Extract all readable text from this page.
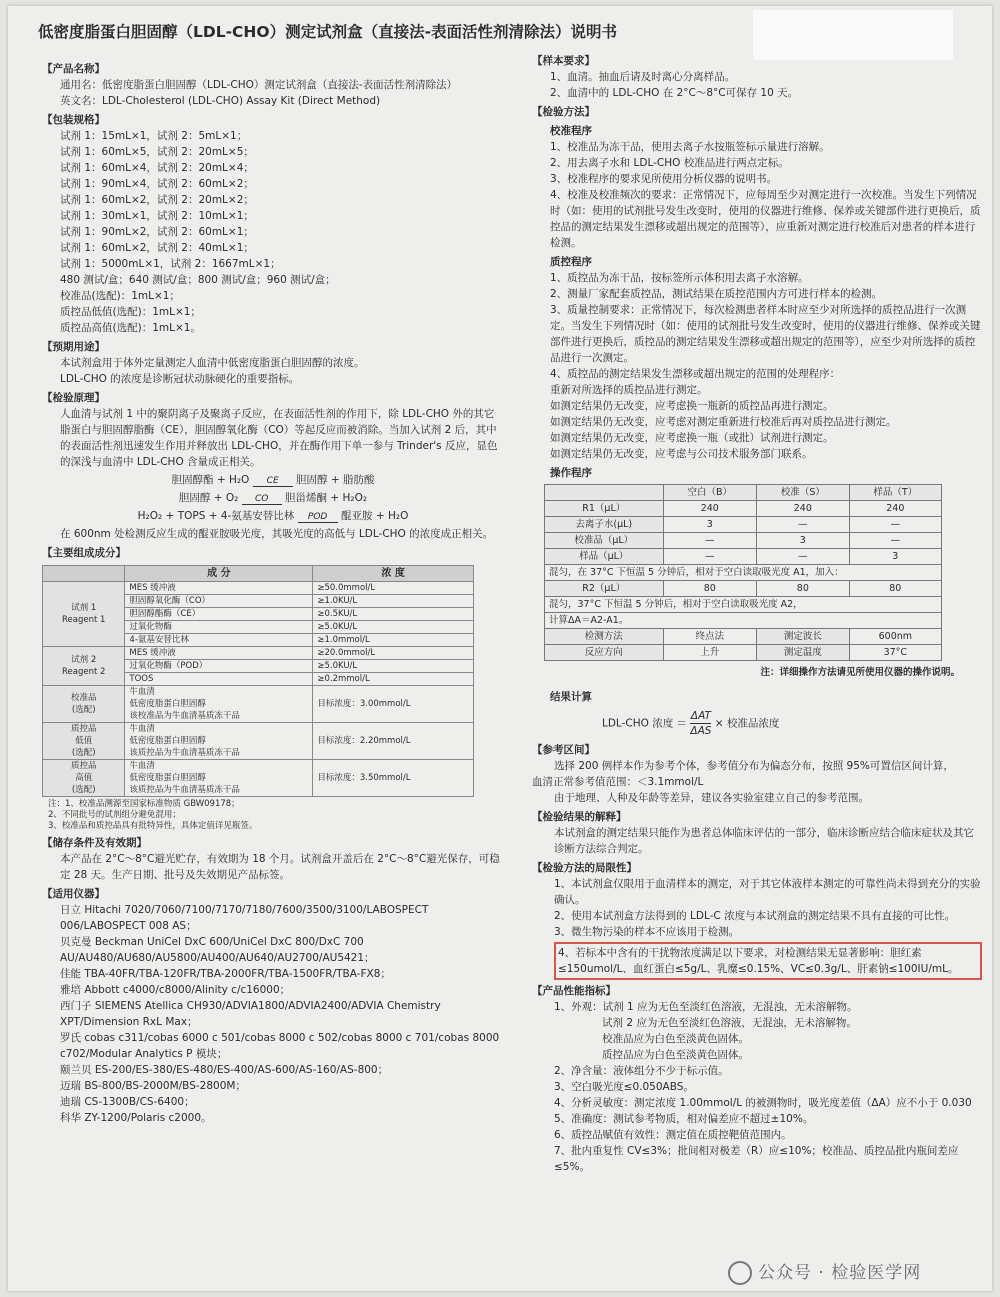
低密度脂蛋白胆固醇（LDL-CHO）测定试剂盒（直接法-表面活性剂清除法）说明书
【产品名称】
通用名：低密度脂蛋白胆固醇（LDL-CHO）测定试剂盒（直接法-表面活性剂清除法）
英文名：LDL-Cholesterol (LDL-CHO) Assay Kit (Direct Method)
【包装规格】
试剂 1：15mL×1，试剂 2：5mL×1；
试剂 1：60mL×5，试剂 2：20mL×5；
试剂 1：60mL×4，试剂 2：20mL×4；
试剂 1：90mL×4，试剂 2：60mL×2；
试剂 1：60mL×2，试剂 2：20mL×2；
试剂 1：30mL×1，试剂 2：10mL×1；
试剂 1：90mL×2，试剂 2：60mL×1；
试剂 1：60mL×2，试剂 2：40mL×1；
试剂 1：5000mL×1，试剂 2：1667mL×1；
480 测试/盒；640 测试/盒；800 测试/盒；960 测试/盒；
校准品(选配)：1mL×1；
质控品低值(选配)：1mL×1；
质控品高值(选配)：1mL×1。
【预期用途】
本试剂盒用于体外定量测定人血清中低密度脂蛋白胆固醇的浓度。
LDL-CHO 的浓度是诊断冠状动脉硬化的重要指标。
【检验原理】
人血清与试剂 1 中的聚阴离子及聚离子反应，在表面活性剂的作用下，除 LDL-CHO 外的其它脂蛋白与胆固醇脂酶（CE），胆固醇氧化酶（CO）等起反应而被消除。当加入试剂 2 后，其中的表面活性剂迅速发生作用并释放出 LDL-CHO，并在酶作用下单一参与 Trinder's 反应，显色的深浅与血清中 LDL-CHO 含量成正相关。
胆固醇酯 + H₂O CE 胆固醇 + 脂肪酸
胆固醇 + O₂ CO 胆甾烯酮 + H₂O₂
H₂O₂ + TOPS + 4-氨基安替比林 POD 醌亚胺 + H₂O
在 600nm 处检测反应生成的醌亚胺吸光度，其吸光度的高低与 LDL-CHO 的浓度成正相关。
【主要组成成分】
	成 分	浓 度
试剂 1
Reagent 1	MES 缓冲液	≥50.0mmol/L
	胆固醇氧化酶（CO）	≥1.0KU/L
	胆固醇酯酶（CE）	≥0.5KU/L
	过氧化物酶	≥5.0KU/L
	4-氨基安替比林	≥1.0mmol/L
试剂 2
Reagent 2	MES 缓冲液	≥20.0mmol/L
	过氧化物酶（POD）	≥5.0KU/L
	TOOS	≥0.2mmol/L
校准品
(选配)	牛血清
低密度脂蛋白胆固醇
该校准品为牛血清基质冻干品	目标浓度：3.00mmol/L
质控品
低值
(选配)	牛血清
低密度脂蛋白胆固醇
该质控品为牛血清基质冻干品	目标浓度：2.20mmol/L
质控品
高值
(选配)	牛血清
低密度脂蛋白胆固醇
该质控品为牛血清基质冻干品	目标浓度：3.50mmol/L
注：1、校准品溯源至国家标准物质 GBW09178；
2、不同批号的试剂组分避免混用；
3、校准品和质控品具有批特异性，具体定值详见瓶签。
【储存条件及有效期】
本产品在 2°C～8°C避光贮存，有效期为 18 个月。试剂盒开盖后在 2°C～8°C避光保存，可稳定 28 天。生产日期、批号及失效期见产品标签。
【适用仪器】
日立 Hitachi 7020/7060/7100/7170/7180/7600/3500/3100/LABOSPECT 006/LABOSPECT 008 AS；
贝克曼 Beckman UniCel DxC 600/UniCel DxC 800/DxC 700 AU/AU480/AU680/AU5800/AU400/AU640/AU2700/AU5421；
佳能 TBA-40FR/TBA-120FR/TBA-2000FR/TBA-1500FR/TBA-FX8；
雅培 Abbott c4000/c8000/Alinity c/c16000；
西门子 SIEMENS Atellica CH930/ADVIA1800/ADVIA2400/ADVIA Chemistry XPT/Dimension RxL Max；
罗氏 cobas c311/cobas 6000 c 501/cobas 8000 c 502/cobas 8000 c 701/cobas 8000 c702/Modular Analytics P 模块；
颐兰贝 ES-200/ES-380/ES-480/ES-400/AS-600/AS-160/AS-800；
迈瑞 BS-800/BS-2000M/BS-2800M；
迪瑞 CS-1300B/CS-6400；
科华 ZY-1200/Polaris c2000。
【样本要求】
1、血清。抽血后请及时离心分离样品。
2、血清中的 LDL-CHO 在 2°C～8°C可保存 10 天。
【检验方法】
校准程序
1、校准品为冻干品，使用去离子水按瓶签标示量进行溶解。
2、用去离子水和 LDL-CHO 校准品进行两点定标。
3、校准程序的要求见所使用分析仪器的说明书。
4、校准及校准频次的要求：正常情况下，应每周至少对测定进行一次校准。当发生下列情况时（如：使用的试剂批号发生改变时，使用的仪器进行维修、保养或关键部件进行更换后，质控品的测定结果发生漂移或超出规定的范围等），应重新对测定进行校准后对患者的样本进行检测。
质控程序
1、质控品为冻干品，按标签所示体积用去离子水溶解。
2、测量厂家配套质控品，测试结果在质控范围内方可进行样本的检测。
3、质量控制要求：正常情况下，每次检测患者样本时应至少对所选择的质控品进行一次测定。当发生下列情况时（如：使用的试剂批号发生改变时，使用的仪器进行维修、保养或关键部件进行更换后，质控品的测定结果发生漂移或超出规定的范围等），应至少对所选择的质控品进行一次测定。
4、质控品的测定结果发生漂移或超出规定的范围的处理程序：
重新对所选择的质控品进行测定。
如测定结果仍无改变，应考虑换一瓶新的质控品再进行测定。
如测定结果仍无改变，应考虑对测定重新进行校准后再对质控品进行测定。
如测定结果仍无改变，应考虑换一瓶（或批）试剂进行测定。
如测定结果仍无改变，应考虑与公司技术服务部门联系。
操作程序
	空白（B）	校准（S）	样品（T）
R1（μL）	240	240	240
去离子水(μL)	3	—	—
校准品（μL）	—	3	—
样品（μL）	—	—	3
混匀，在 37°C 下恒温 5 分钟后，相对于空白读取吸光度 A1，加入：			
R2（μL）	80	80	80
混匀，37°C 下恒温 5 分钟后，相对于空白读取吸光度 A2，			
计算ΔA＝A2-A1。			
检测方法	终点法	测定波长	600nm
反应方向	上升	测定温度	37°C
注：详细操作方法请见所使用仪器的操作说明。
结果计算
LDL-CHO 浓度 ＝ $\frac{\text{ΔAT}}{\text{ΔAS}}$ × 校准品浓度
【参考区间】
选择 200 例样本作为参考个体，参考值分布为偏态分布，按照 95%可置信区间计算，
血清正常参考值范围：＜3.1mmol/L
由于地理、人种及年龄等差异，建议各实验室建立自己的参考范围。
【检验结果的解释】
本试剂盒的测定结果只能作为患者总体临床评估的一部分，临床诊断应结合临床症状及其它诊断方法综合判定。
【检验方法的局限性】
1、本试剂盒仅限用于血清样本的测定，对于其它体液样本测定的可靠性尚未得到充分的实验确认。
2、使用本试剂盒方法得到的 LDL-C 浓度与本试剂盒的测定结果不具有直接的可比性。
3、微生物污染的样本不应该用于检测。
4、若标本中含有的干扰物浓度满足以下要求，对检测结果无显著影响：胆红素≤150umol/L、血红蛋白≤5g/L、乳糜≤0.15%、VC≤0.3g/L、肝素钠≤100IU/mL。
【产品性能指标】
1、外观：试剂 1 应为无色至淡红色溶液，无混浊，无未溶解物。
试剂 2 应为无色至淡红色溶液，无混浊，无未溶解物。
校准品应为白色至淡黄色固体。
质控品应为白色至淡黄色固体。
2、净含量：液体组分不少于标示值。
3、空白吸光度≤0.050ABS。
4、分析灵敏度：测定浓度 1.00mmol/L 的被测物时，吸光度差值（ΔA）应不小于 0.030
5、准确度：测试参考物质，相对偏差应不超过±10%。
6、质控品赋值有效性：测定值在质控靶值范围内。
7、批内重复性 CV≤3%；批间相对极差（R）应≤10%；校准品、质控品批内瓶间差应≤5%。
公众号 · 检验医学网
